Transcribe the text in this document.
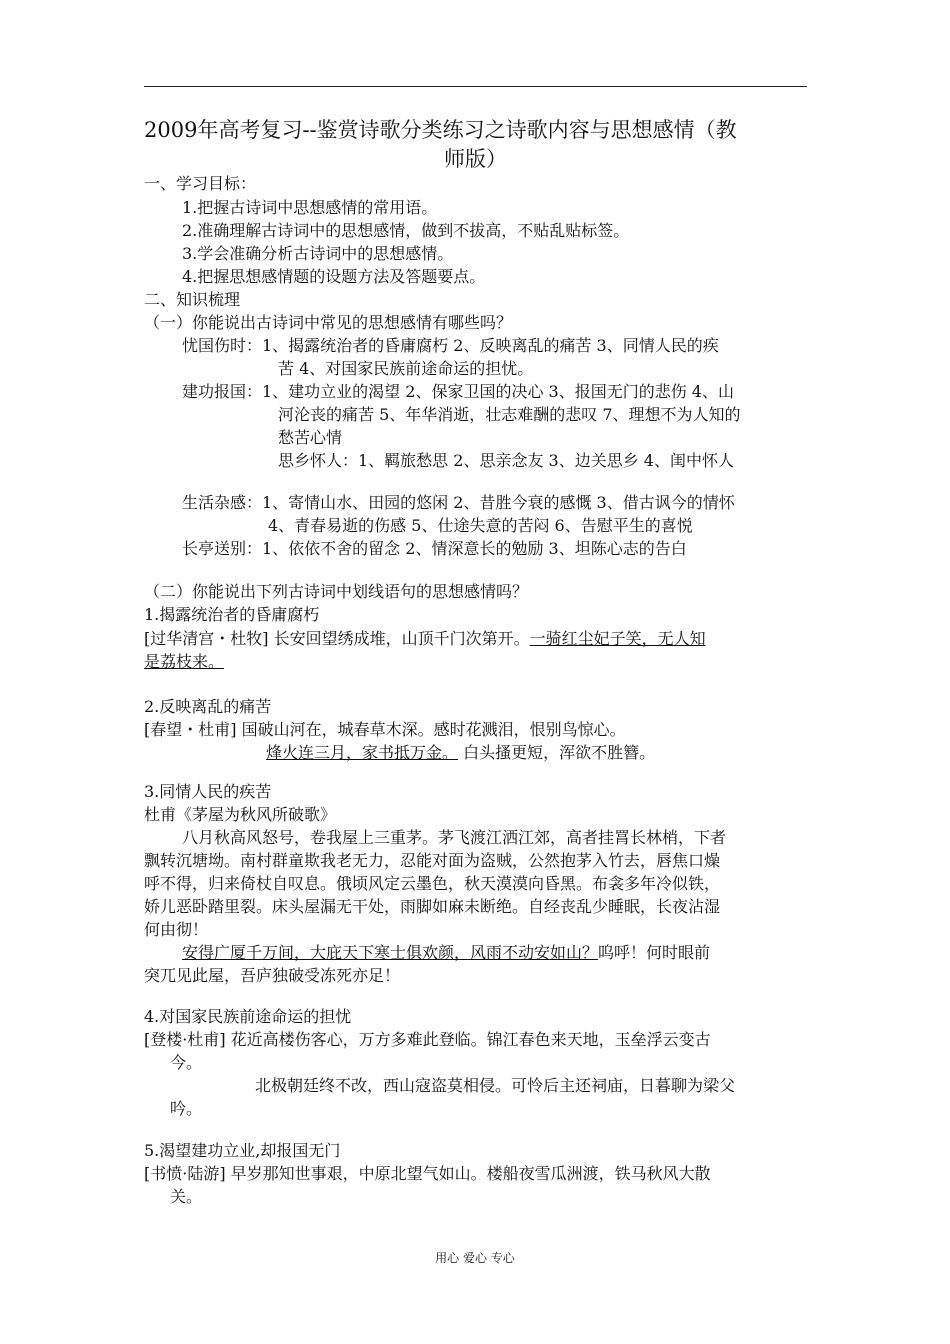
2009年高考复习--鉴赏诗歌分类练习之诗歌内容与思想感情（教
师版）
一、学习目标：
1.把握古诗词中思想感情的常用语。
2.准确理解古诗词中的思想感情，做到不拔高，不贴乱贴标签。
3.学会准确分析古诗词中的思想感情。
4.把握思想感情题的设题方法及答题要点。
二、知识梳理
（一）你能说出古诗词中常见的思想感情有哪些吗？
忧国伤时：1、揭露统治者的昏庸腐朽 2、反映离乱的痛苦 3、同情人民的疾
苦 4、对国家民族前途命运的担忧。
建功报国：1、建功立业的渴望 2、保家卫国的决心 3、报国无门的悲伤 4、山
河沦丧的痛苦 5、年华消逝，壮志难酬的悲叹 7、理想不为人知的
愁苦心情
思乡怀人：1、羁旅愁思 2、思亲念友 3、边关思乡 4、闺中怀人
生活杂感：1、寄情山水、田园的悠闲 2、昔胜今衰的感慨 3、借古讽今的情怀
4、青春易逝的伤感 5、仕途失意的苦闷 6、告慰平生的喜悦
长亭送别：1、依依不舍的留念 2、情深意长的勉励 3、坦陈心志的告白
（二）你能说出下列古诗词中划线语句的思想感情吗？
1.揭露统治者的昏庸腐朽
[过华清宫・杜牧] 长安回望绣成堆，山顶千门次第开。一骑红尘妃子笑，无人知
是荔枝来。
2.反映离乱的痛苦
[春望・杜甫] 国破山河在，城春草木深。感时花溅泪，恨别鸟惊心。
烽火连三月，家书抵万金。 白头搔更短，浑欲不胜簪。
3.同情人民的疾苦
杜甫《茅屋为秋风所破歌》
八月秋高风怒号，卷我屋上三重茅。茅飞渡江洒江郊，高者挂罥长林梢，下者
飘转沉塘坳。南村群童欺我老无力，忍能对面为盗贼，公然抱茅入竹去，唇焦口燥
呼不得，归来倚杖自叹息。俄顷风定云墨色，秋天漠漠向昏黑。布衾多年冷似铁，
娇儿恶卧踏里裂。床头屋漏无干处，雨脚如麻未断绝。自经丧乱少睡眠，长夜沾湿
何由彻！
安得广厦千万间，大庇天下寒士俱欢颜，风雨不动安如山？呜呼！何时眼前
突兀见此屋，吾庐独破受冻死亦足！
4.对国家民族前途命运的担忧
[登楼·杜甫] 花近高楼伤客心，万方多难此登临。锦江春色来天地，玉垒浮云变古
今。
北极朝廷终不改，西山寇盗莫相侵。可怜后主还祠庙，日暮聊为梁父
吟。
5.渴望建功立业,却报国无门
[书愤·陆游] 早岁那知世事艰，中原北望气如山。楼船夜雪瓜洲渡，铁马秋风大散
关。
用心 爱心 专心
